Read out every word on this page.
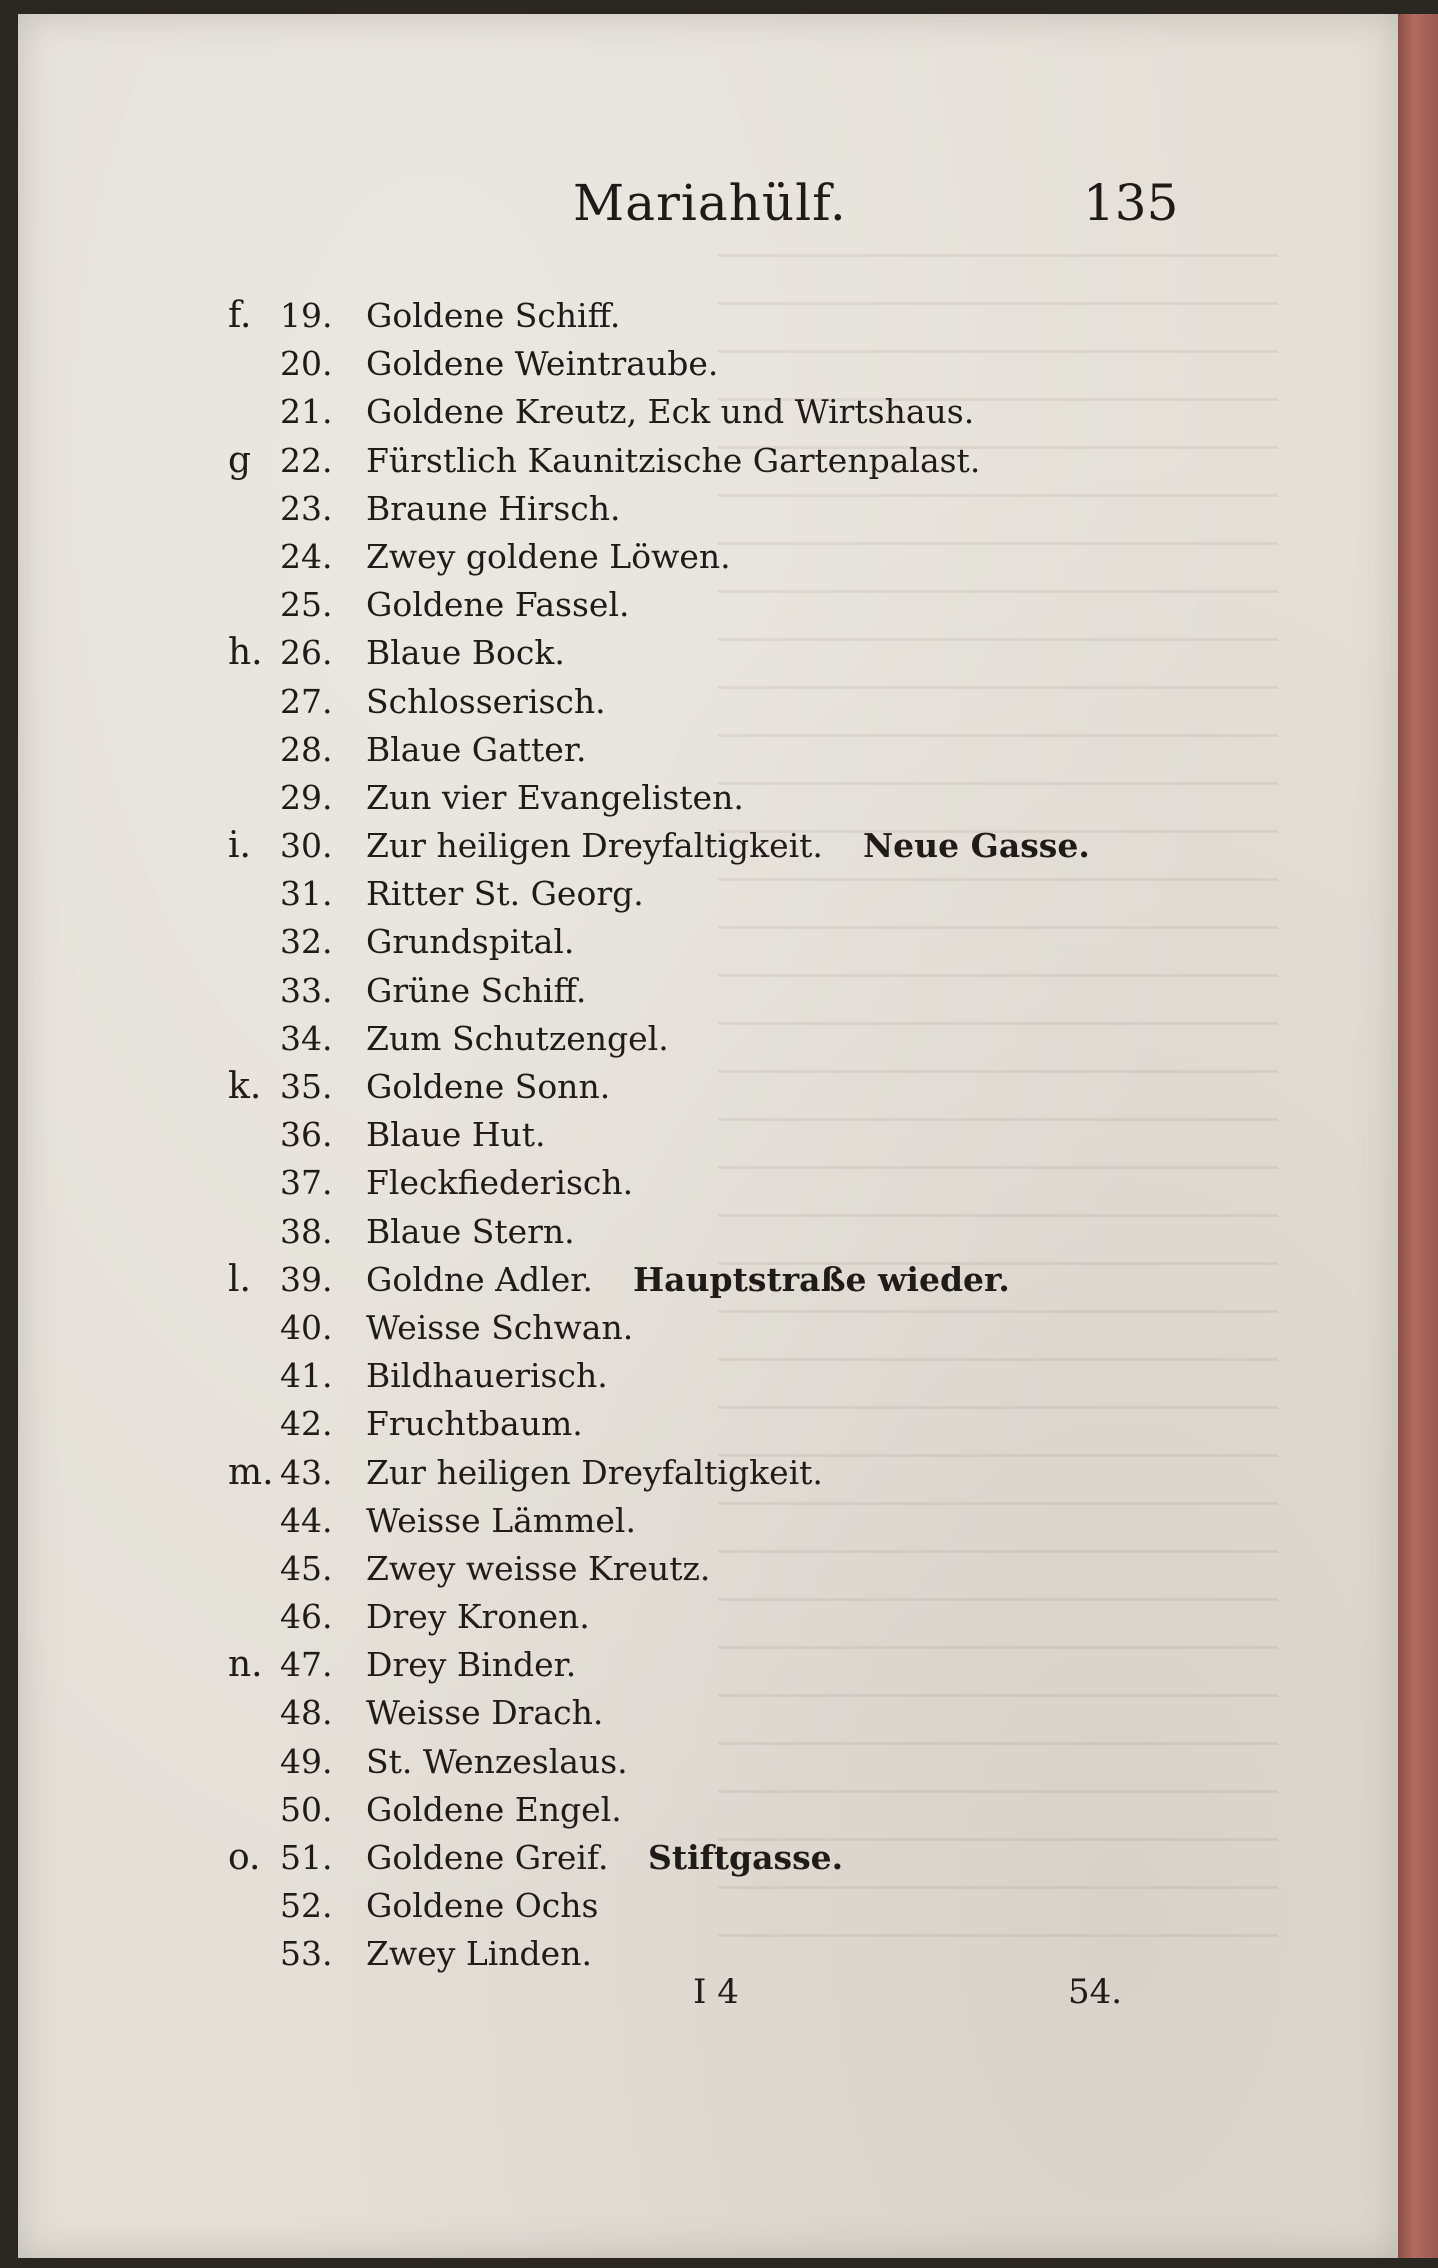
Mariahülf.	135
f. 19.	Goldene Schiff.
20.	Goldene Weintraube.
21.	Goldene Kreutz, Eck und Wirtshaus.
g 22.	Fürstlich Kaunitzische Gartenpalast.
23.	Braune Hirsch.
24.	Zwey goldene Löwen.
25.	Goldene Fassel.
h. 26.	Blaue Bock.
27.	Schlosserisch.
28.	Blaue Gatter.
29.	Zun vier Evangelisten.
i. 30.	Zur heiligen Dreyfaltigkeit. Neue Gasse.
31.	Ritter St. Georg.
32.	Grundspital.
33.	Grüne Schiff.
34.	Zum Schutzengel.
k. 35.	Goldene Sonn.
36.	Blaue Hut.
37.	Fleckfiederisch.
38.	Blaue Stern.
l. 39.	Goldne Adler. Hauptstraße wieder.
40.	Weisse Schwan.
41.	Bildhauerisch.
42.	Fruchtbaum.
m. 43.	Zur heiligen Dreyfaltigkeit.
44.	Weisse Lämmel.
45.	Zwey weisse Kreutz.
46.	Drey Kronen.
n. 47.	Drey Binder.
48.	Weisse Drach.
49.	St. Wenzeslaus.
50.	Goldene Engel.
o. 51.	Goldene Greif. Stiftgasse.
52.	Goldene Ochs
53.	Zwey Linden.
I 4	54.
